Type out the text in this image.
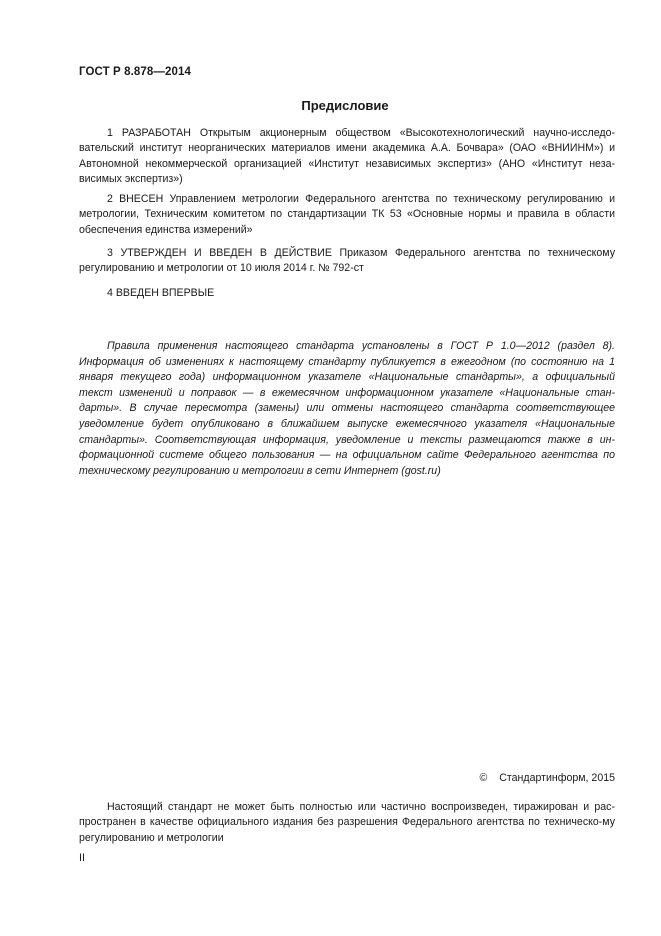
ГОСТ Р 8.878—2014
Предисловие

1 РАЗРАБОТАН Открытым акционерным обществом «Высокотехнологический научно-исследо-вательский институт неорганических материалов имени академика А.А. Бочвара» (ОАО «ВНИИНМ») и Автономной некоммерческой организацией «Институт независимых экспертиз» (АНО «Институт неза-висимых экспертиз»)

2 ВНЕСЕН Управлением метрологии Федерального агентства по техническому регулированию и метрологии, Техническим комитетом по стандартизации ТК 53 «Основные нормы и правила в области обеспечения единства измерений»

3 УТВЕРЖДЕН И ВВЕДЕН В ДЕЙСТВИЕ Приказом Федерального агентства по техническому регулированию и метрологии от 10 июля 2014 г. № 792-ст

4 ВВЕДЕН ВПЕРВЫЕ

Правила применения настоящего стандарта установлены в ГОСТ Р 1.0—2012 (раздел 8). Информация об изменениях к настоящему стандарту публикуется в ежегодном (по состоянию на 1 января текущего года) информационном указателе «Национальные стандарты», а официальный текст изменений и поправок — в ежемесячном информационном указателе «Национальные стан-дарты». В случае пересмотра (замены) или отмены настоящего стандарта соответствующее уведомление будет опубликовано в ближайшем выпуске ежемесячного указателя «Национальные стандарты». Соответствующая информация, уведомление и тексты размещаются также в ин-формационной системе общего пользования — на официальном сайте Федерального агентства по техническому регулированию и метрологии в сети Интернет (gost.ru)

© Стандартинформ, 2015

Настоящий стандарт не может быть полностью или частично воспроизведен, тиражирован и рас-пространен в качестве официального издания без разрешения Федерального агентства по техническо-му регулированию и метрологии

II
